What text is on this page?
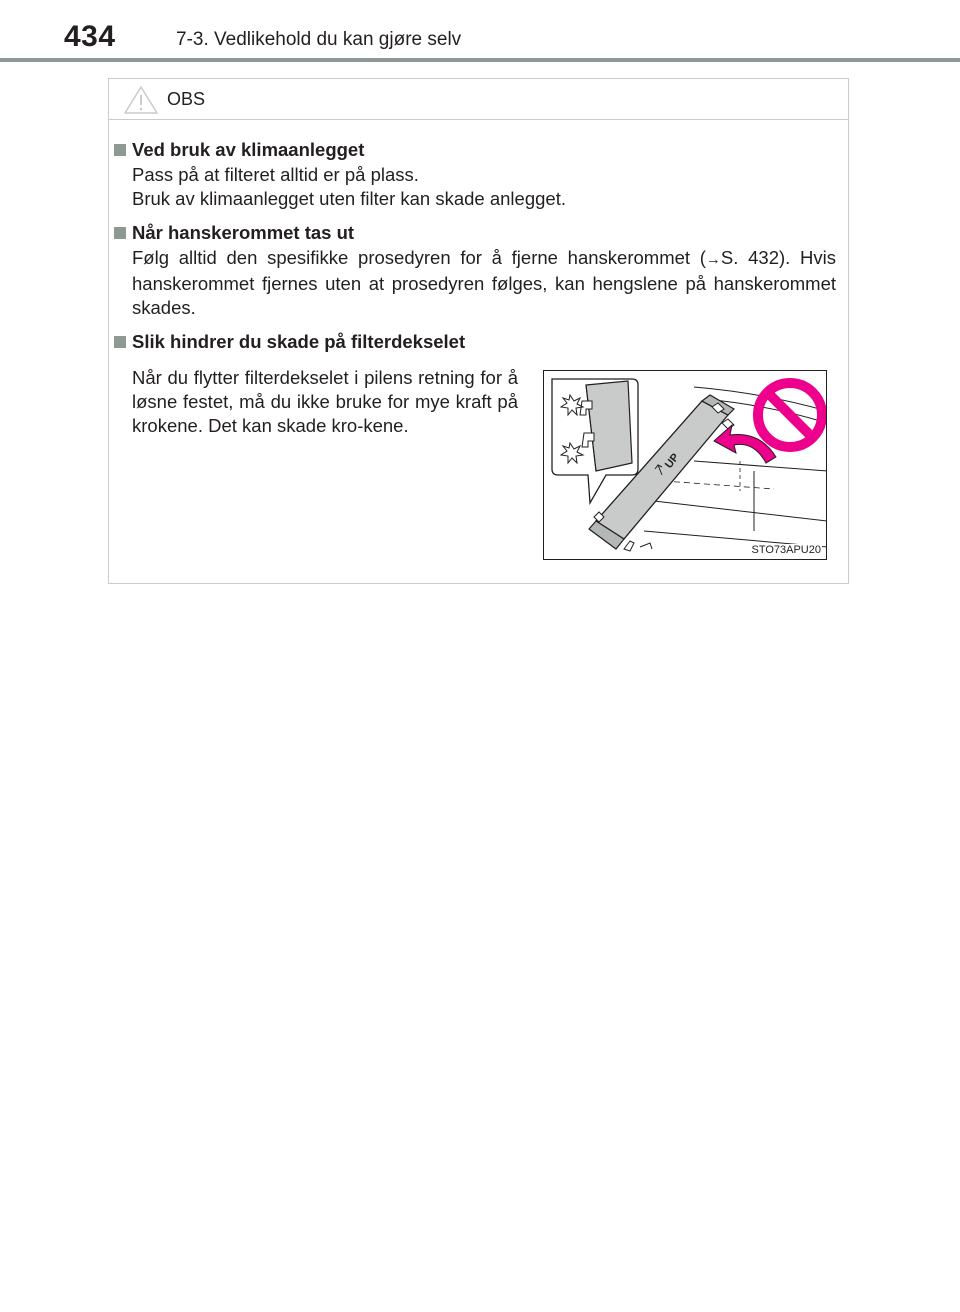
434	7-3. Vedlikehold du kan gjøre selv
OBS
Ved bruk av klimaanlegget

Pass på at filteret alltid er på plass.

Bruk av klimaanlegget uten filter kan skade anlegget.

Når hanskerommet tas ut

Følg alltid den spesifikke prosedyren for å fjerne hanskerommet (→S. 432). Hvis hanskerommet fjernes uten at prosedyren følges, kan hengslene på hanskerommet skades.

Slik hindrer du skade på filterdekselet

Når du flytter filterdekselet i pilens retning for å løsne festet, må du ikke bruke for mye kraft på krokene. Det kan skade kro-kene.

UP
STO73APU20
